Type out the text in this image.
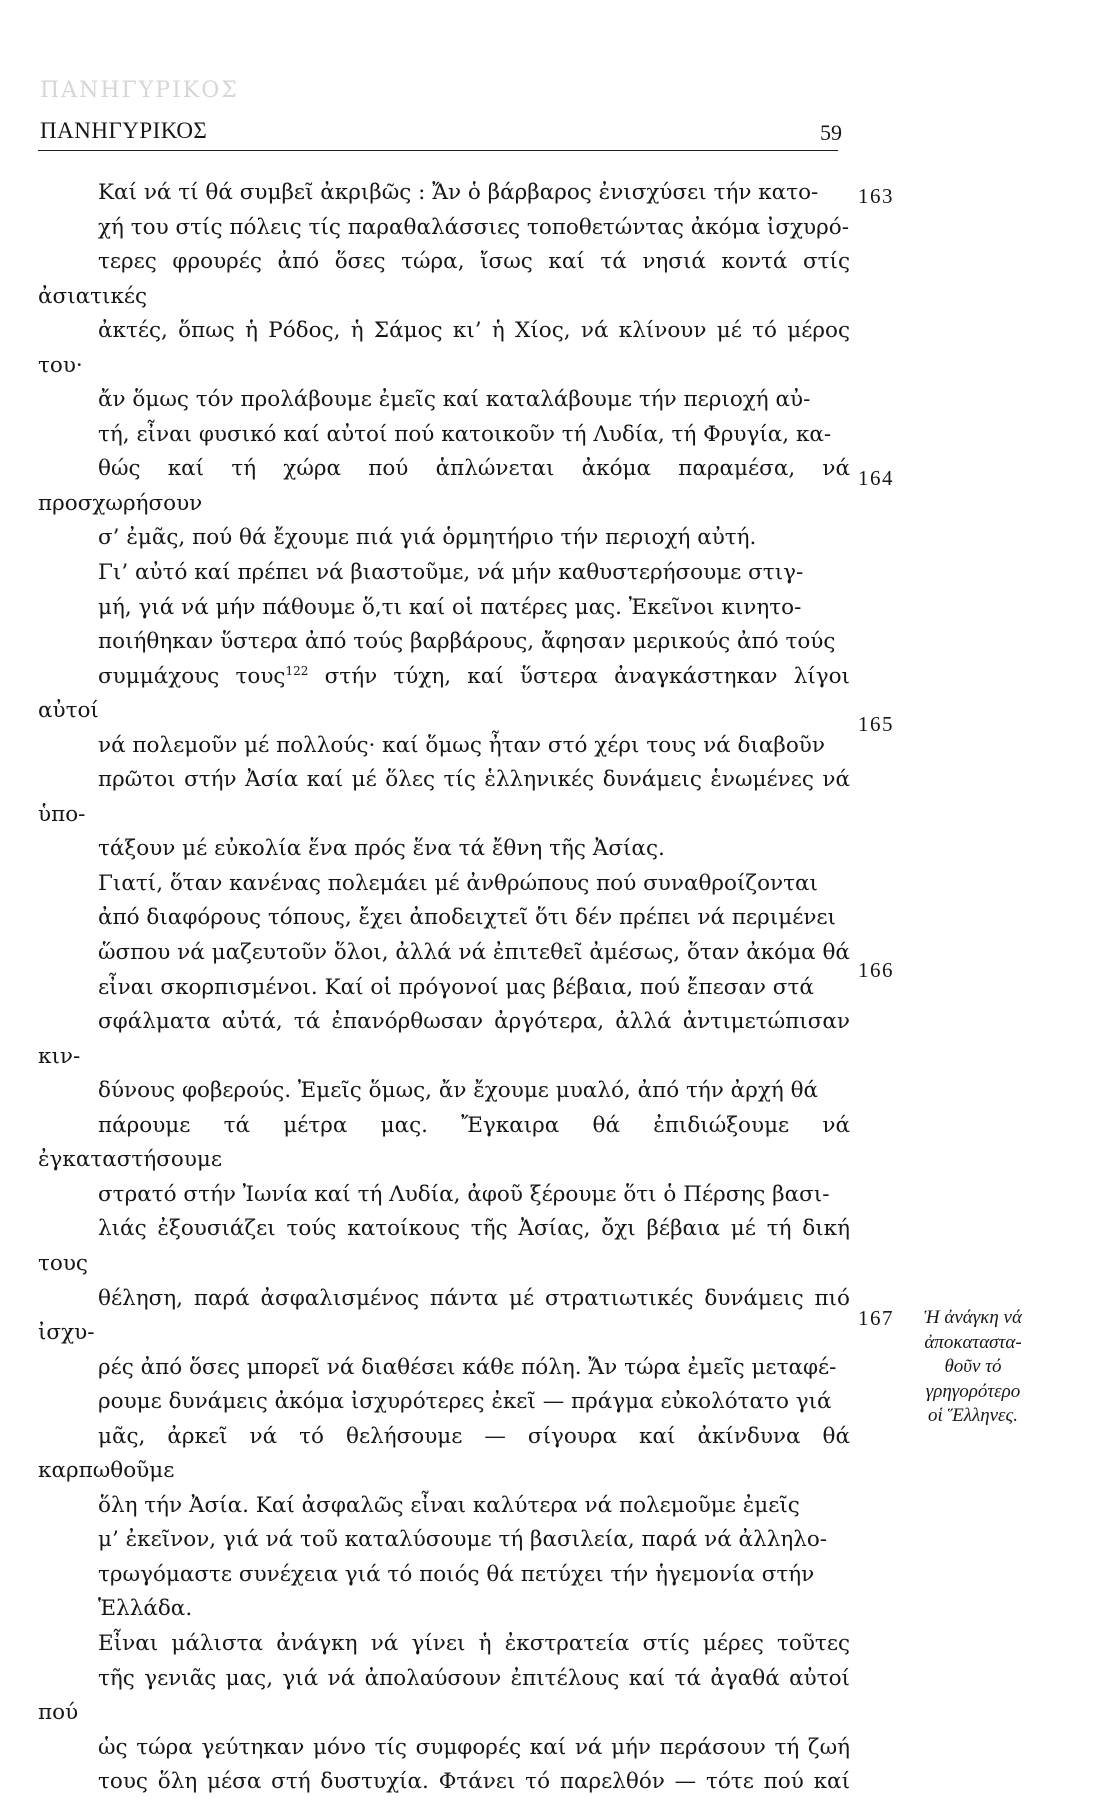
ΠΑΝΗΓΥΡΙΚΟΣ
ΠΑΝΗΓΥΡΙΚΟΣ	59

Καί νά τί θά συμβεῖ ἀκριβῶς : Ἄν ὁ βάρβαρος ἐνισχύσει τήν κατο-
χή του στίς πόλεις τίς παραθαλάσσιες τοποθετώντας ἀκόμα ἰσχυρό-
τερες φρουρές ἀπό ὅσες τώρα, ἴσως καί τά νησιά κοντά στίς ἀσιατικές
ἀκτές, ὅπως ἡ Ρόδος, ἡ Σάμος κι’ ἡ Χίος, νά κλίνουν μέ τό μέρος του·
ἄν ὅμως τόν προλάβουμε ἐμεῖς καί καταλάβουμε τήν περιοχή αὐ-
τή, εἶναι φυσικό καί αὐτοί πού κατοικοῦν τή Λυδία, τή Φρυγία, κα-
θώς καί τή χώρα πού ἁπλώνεται ἀκόμα παραμέσα, νά προσχωρήσουν
σ’ ἐμᾶς, πού θά ἔχουμε πιά γιά ὁρμητήριο τήν περιοχή αὐτή.

Γι’ αὐτό καί πρέπει νά βιαστοῦμε, νά μήν καθυστερήσουμε στιγ-
μή, γιά νά μήν πάθουμε ὅ,τι καί οἱ πατέρες μας. Ἐκεῖνοι κινητο-
ποιήθηκαν ὕστερα ἀπό τούς βαρβάρους, ἄφησαν μερικούς ἀπό τούς
συμμάχους τους$^{122}$ στήν τύχη, καί ὕστερα ἀναγκάστηκαν λίγοι αὐτοί
νά πολεμοῦν μέ πολλούς· καί ὅμως ἦταν στό χέρι τους νά διαβοῦν
πρῶτοι στήν Ἀσία καί μέ ὅλες τίς ἑλληνικές δυνάμεις ἑνωμένες νά ὑπο-
τάξουν μέ εὐκολία ἕνα πρός ἕνα τά ἔθνη τῆς Ἀσίας.

Γιατί, ὅταν κανένας πολεμάει μέ ἀνθρώπους πού συναθροίζονται
ἀπό διαφόρους τόπους, ἔχει ἀποδειχτεῖ ὅτι δέν πρέπει νά περιμένει
ὥσπου νά μαζευτοῦν ὅλοι, ἀλλά νά ἐπιτεθεῖ ἀμέσως, ὅταν ἀκόμα θά
εἶναι σκορπισμένοι. Καί οἱ πρόγονοί μας βέβαια, πού ἔπεσαν στά
σφάλματα αὐτά, τά ἐπανόρθωσαν ἀργότερα, ἀλλά ἀντιμετώπισαν κιν-
δύνους φοβερούς. Ἐμεῖς ὅμως, ἄν ἔχουμε μυαλό, ἀπό τήν ἀρχή θά
πάρουμε τά μέτρα μας. Ἔγκαιρα θά ἐπιδιώξουμε νά ἐγκαταστήσουμε
στρατό στήν Ἰωνία καί τή Λυδία, ἀφοῦ ξέρουμε ὅτι ὁ Πέρσης βασι-
λιάς ἐξουσιάζει τούς κατοίκους τῆς Ἀσίας, ὄχι βέβαια μέ τή δική τους
θέληση, παρά ἀσφαλισμένος πάντα μέ στρατιωτικές δυνάμεις πιό ἰσχυ-
ρές ἀπό ὅσες μπορεῖ νά διαθέσει κάθε πόλη. Ἄν τώρα ἐμεῖς μεταφέ-
ρουμε δυνάμεις ἀκόμα ἰσχυρότερες ἐκεῖ — πράγμα εὐκολότατο γιά
μᾶς, ἀρκεῖ νά τό θελήσουμε — σίγουρα καί ἀκίνδυνα θά καρπωθοῦμε
ὅλη τήν Ἀσία. Καί ἀσφαλῶς εἶναι καλύτερα νά πολεμοῦμε ἐμεῖς
μ’ ἐκεῖνον, γιά νά τοῦ καταλύσουμε τή βασιλεία, παρά νά ἀλληλο-
τρωγόμαστε συνέχεια γιά τό ποιός θά πετύχει τήν ἡγεμονία στήν
Ἑλλάδα.

Εἶναι μάλιστα ἀνάγκη νά γίνει ἡ ἐκστρατεία στίς μέρες τοῦτες
τῆς γενιᾶς μας, γιά νά ἀπολαύσουν ἐπιτέλους καί τά ἀγαθά αὐτοί πού
ὡς τώρα γεύτηκαν μόνο τίς συμφορές καί νά μήν περάσουν τή ζωή
τους ὅλη μέσα στή δυστυχία. Φτάνει τό παρελθόν — τότε πού καί

163
164
165
166
167	Ἡ ἀνάγκη νά
ἀποκαταστα-
θοῦν τό
γρηγορότερο
οἱ Ἕλληνες.
